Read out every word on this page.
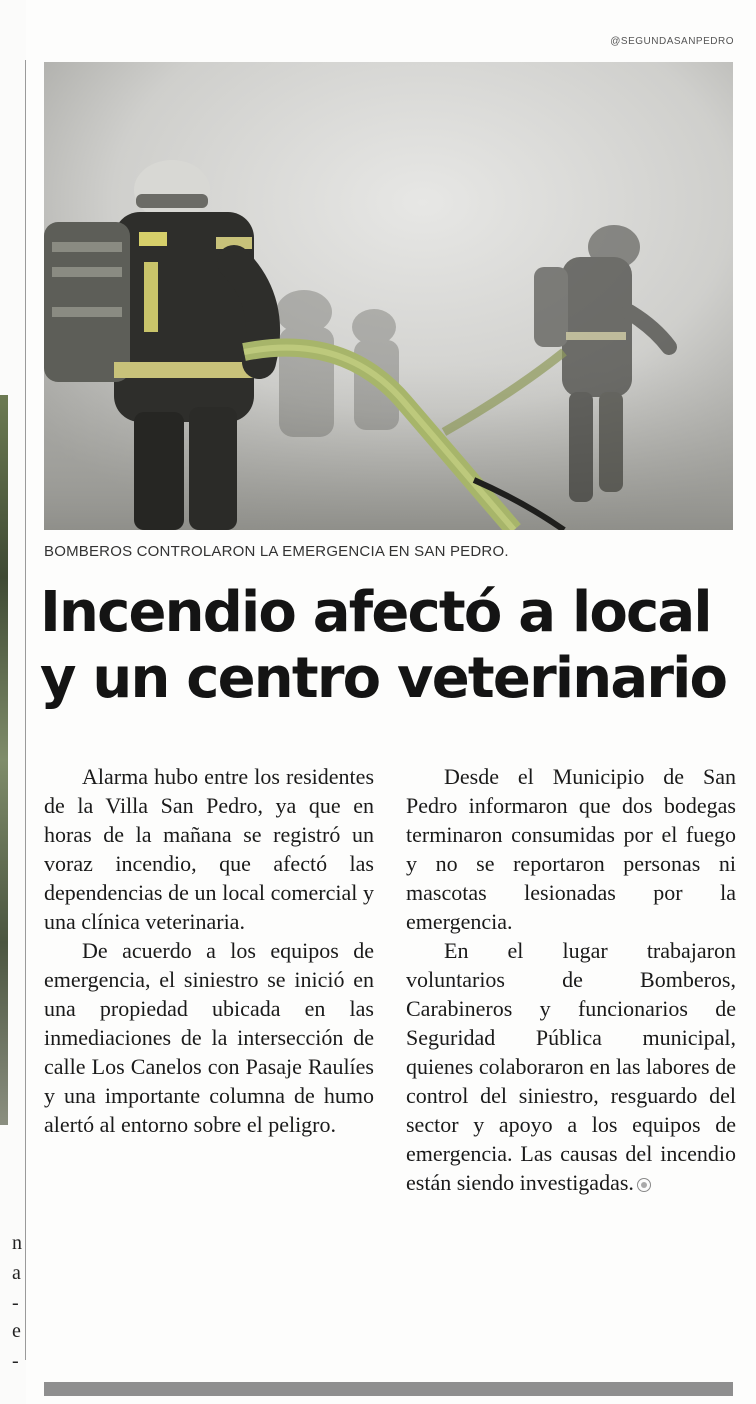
n
a
-
e
-
@SEGUNDASANPEDRO
BOMBEROS CONTROLARON LA EMERGENCIA EN SAN PEDRO.
Incendio afectó a local
y un centro veterinario

Alarma hubo entre los residentes de la Villa San Pedro, ya que en horas de la mañana se registró un voraz incendio, que afectó las dependencias de un local comercial y una clínica veterinaria.

De acuerdo a los equipos de emergencia, el siniestro se inició en una propiedad ubicada en las inmediaciones de la intersección de calle Los Canelos con Pasaje Raulíes y una importante columna de humo alertó al entorno sobre el peligro.

Desde el Municipio de San Pedro informaron que dos bodegas terminaron consumidas por el fuego y no se reportaron personas ni mascotas lesionadas por la emergencia.

En el lugar trabajaron voluntarios de Bomberos, Carabineros y funcionarios de Seguridad Pública municipal, quienes colaboraron en las labores de control del siniestro, resguardo del sector y apoyo a los equipos de emergencia. Las causas del incendio están siendo investigadas.
